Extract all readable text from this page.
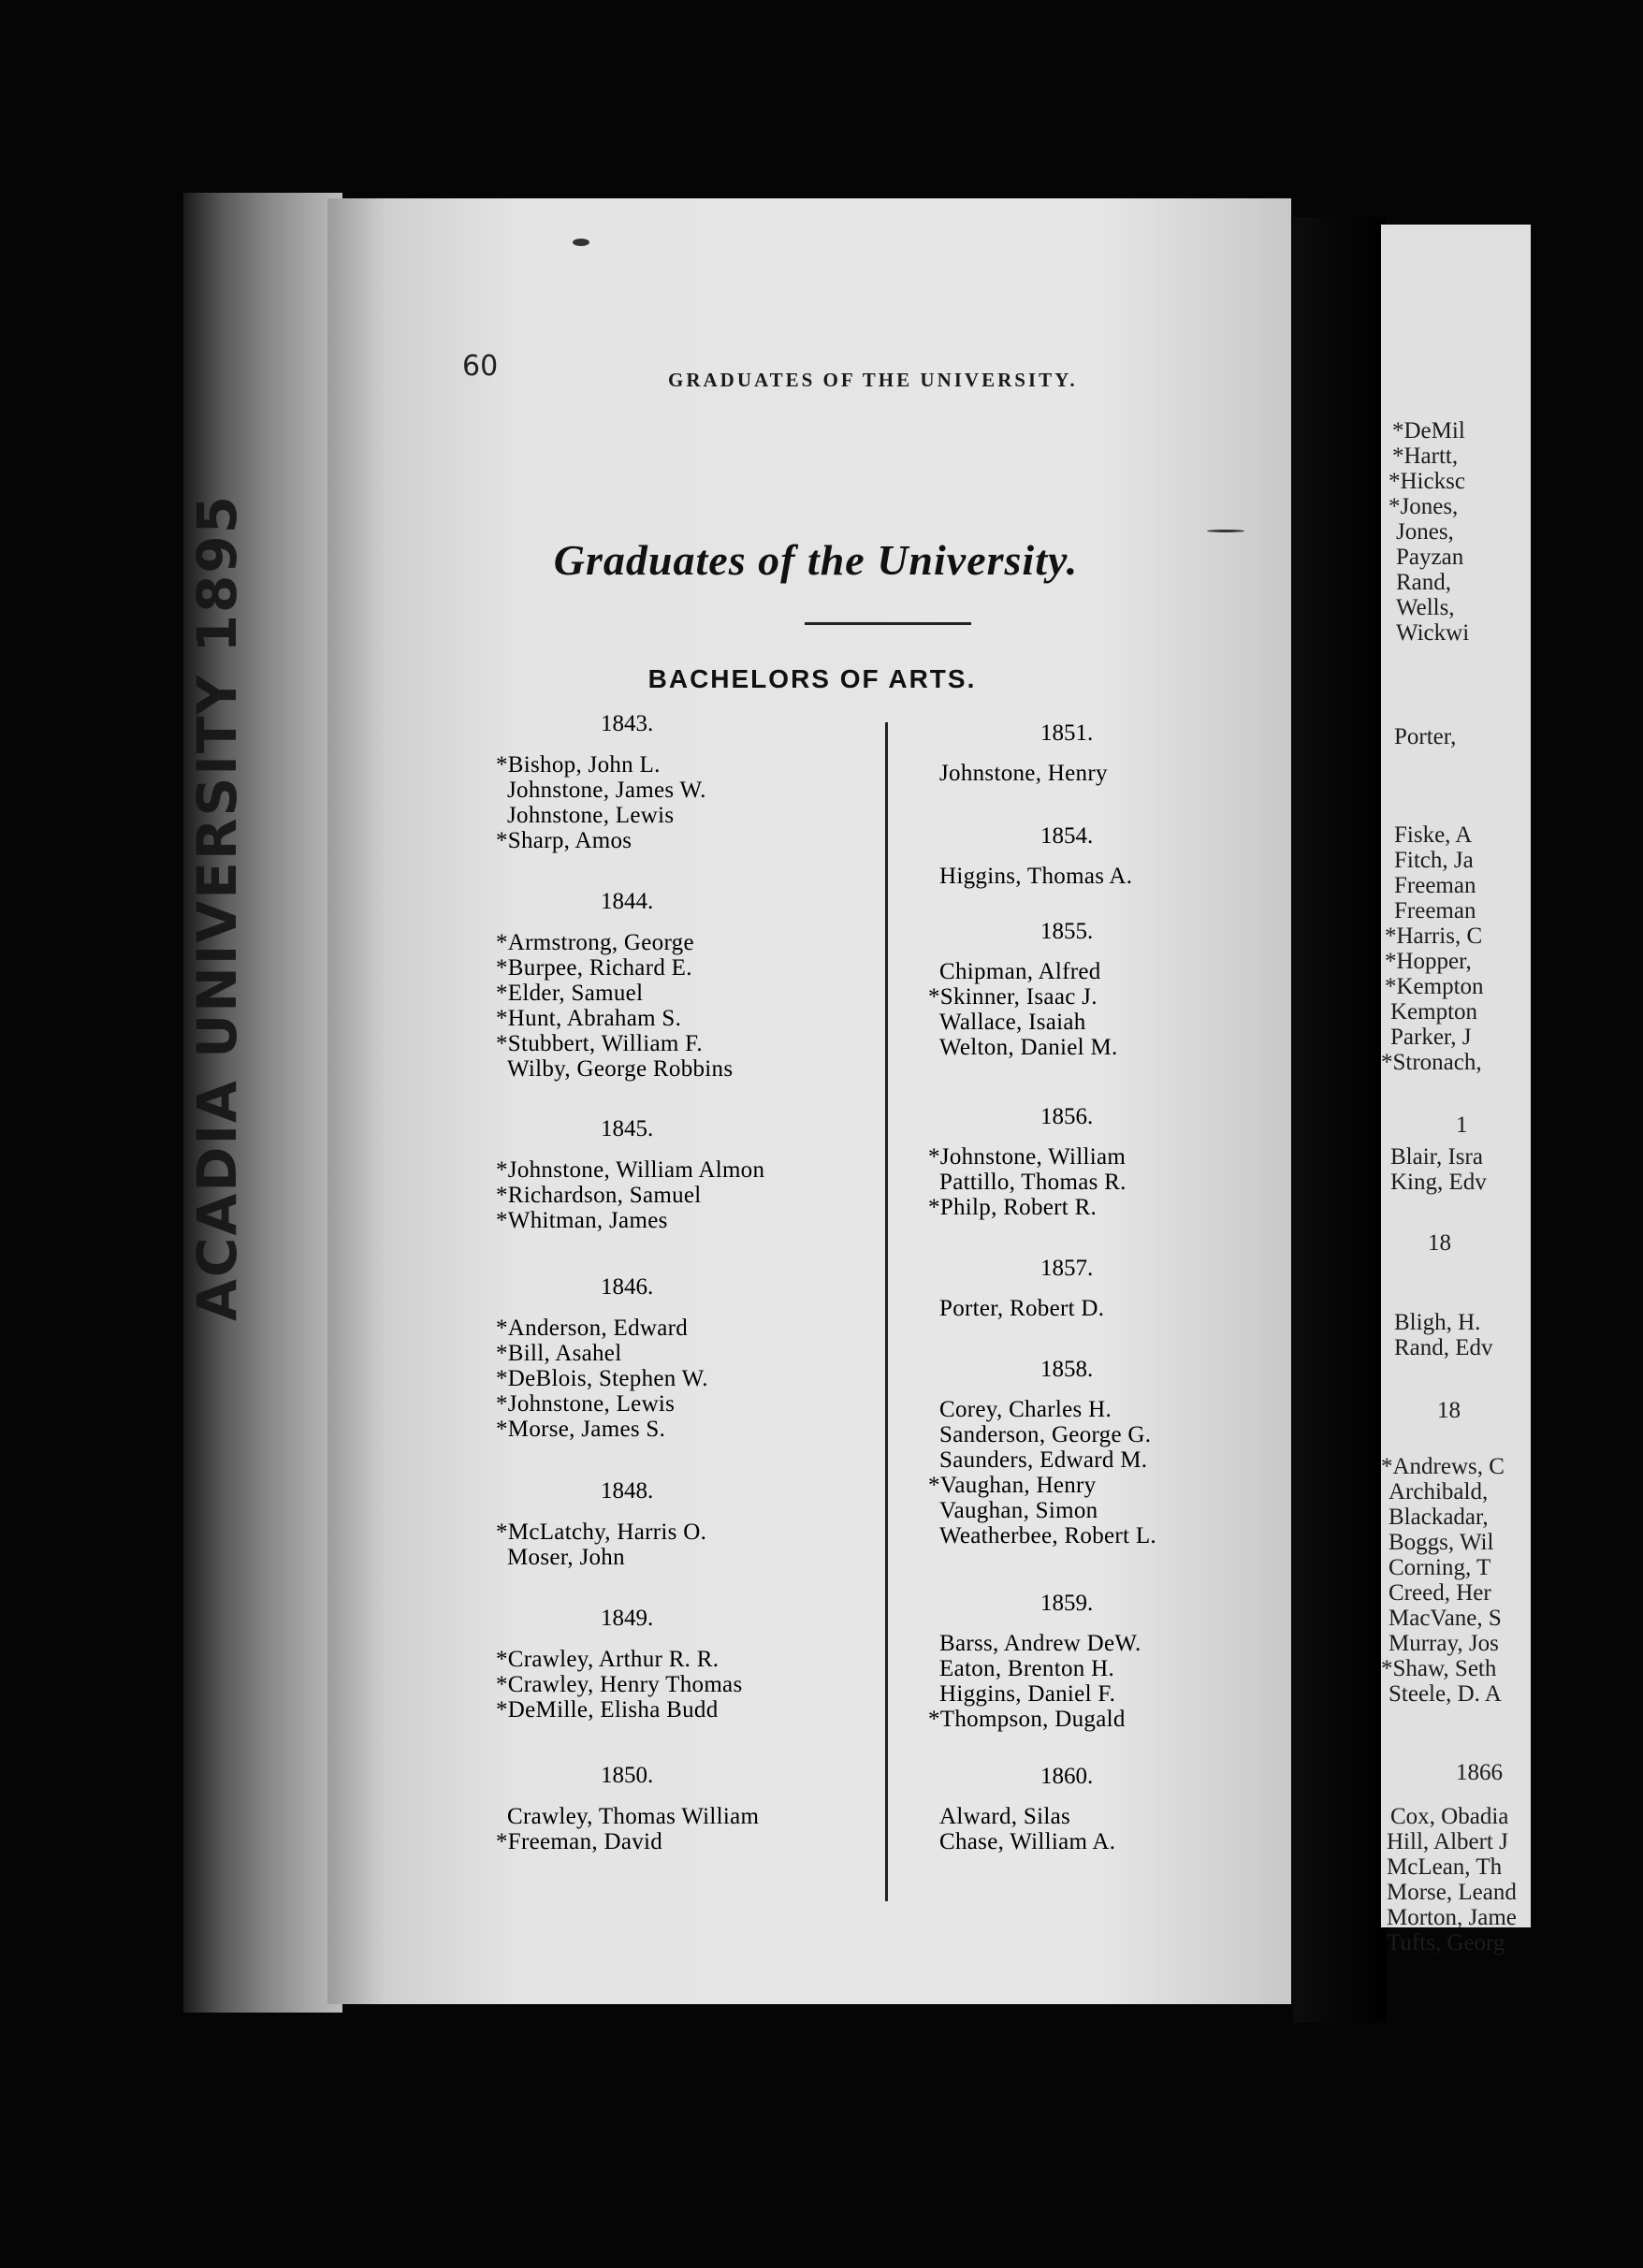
ACADIA UNIVERSITY 1895
*DeMil
*Hartt,
*Hicksc
*Jones,
Jones,
Payzan
Rand,
Wells,
Wickwi
Porter,
Fiske, A
Fitch, Ja
Freeman
Freeman
*Harris, C
*Hopper,
*Kempton
Kempton
Parker, J
*Stronach,
1
Blair, Isra
King, Edv
18
Bligh, H.
Rand, Edv
18
*Andrews, C
Archibald,
Blackadar,
Boggs, Wil
Corning, T
Creed, Her
MacVane, S
Murray, Jos
*Shaw, Seth
Steele, D. A
1866
Cox, Obadia
Hill, Albert J
McLean, Th
Morse, Leand
Morton, Jame
Tufts, Georg
60	GRADUATES OF THE UNIVERSITY.
Graduates of the University.
BACHELORS OF ARTS.
1843.
*Bishop, John L.
Johnstone, James W.
Johnstone, Lewis
*Sharp, Amos
1844.
*Armstrong, George
*Burpee, Richard E.
*Elder, Samuel
*Hunt, Abraham S.
*Stubbert, William F.
Wilby, George Robbins
1845.
*Johnstone, William Almon
*Richardson, Samuel
*Whitman, James
1846.
*Anderson, Edward
*Bill, Asahel
*DeBlois, Stephen W.
*Johnstone, Lewis
*Morse, James S.
1848.
*McLatchy, Harris O.
Moser, John
1849.
*Crawley, Arthur R. R.
*Crawley, Henry Thomas
*DeMille, Elisha Budd
1850.
Crawley, Thomas William
*Freeman, David
1851.
Johnstone, Henry
1854.
Higgins, Thomas A.
1855.
Chipman, Alfred
*Skinner, Isaac J.
Wallace, Isaiah
Welton, Daniel M.
1856.
*Johnstone, William
Pattillo, Thomas R.
*Philp, Robert R.
1857.
Porter, Robert D.
1858.
Corey, Charles H.
Sanderson, George G.
Saunders, Edward M.
*Vaughan, Henry
Vaughan, Simon
Weatherbee, Robert L.
1859.
Barss, Andrew DeW.
Eaton, Brenton H.
Higgins, Daniel F.
*Thompson, Dugald
1860.
Alward, Silas
Chase, William A.
